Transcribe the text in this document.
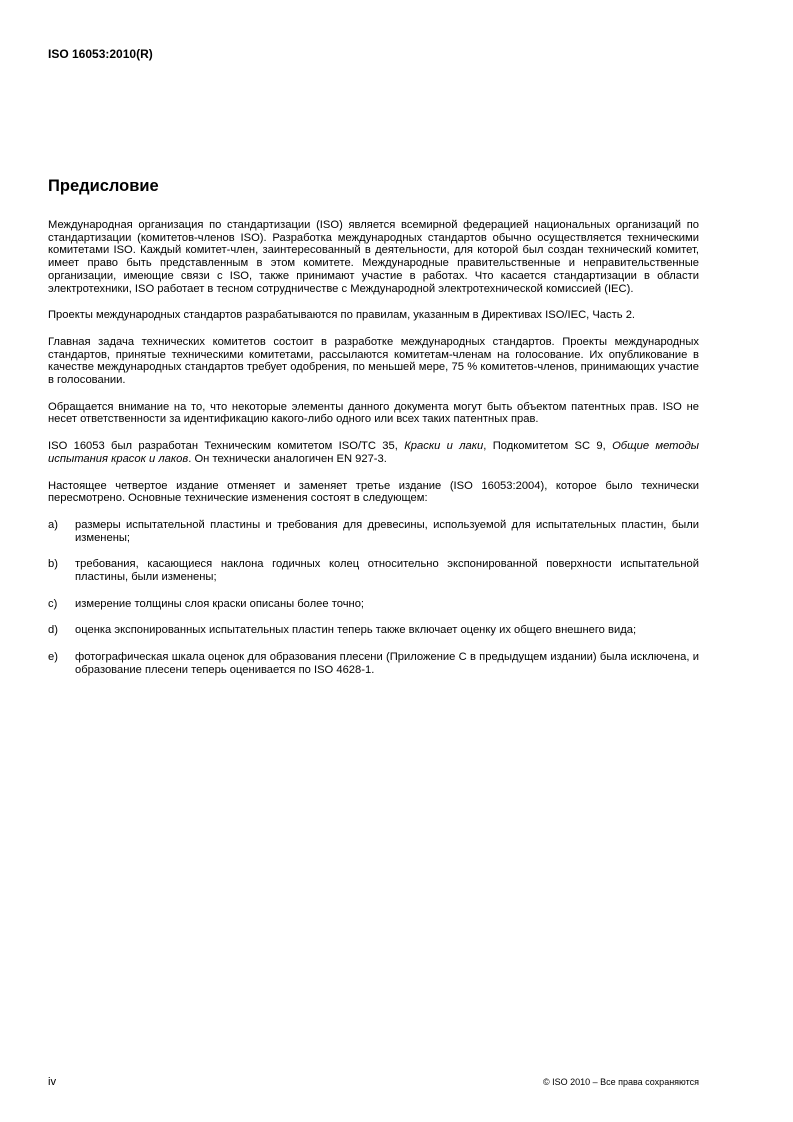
ISO 16053:2010(R)
Предисловие

Международная организация по стандартизации (ISO) является всемирной федерацией национальных организаций по стандартизации (комитетов-членов ISO). Разработка международных стандартов обычно осуществляется техническими комитетами ISO. Каждый комитет-член, заинтересованный в деятельности, для которой был создан технический комитет, имеет право быть представленным в этом комитете. Международные правительственные и неправительственные организации, имеющие связи с ISO, также принимают участие в работах. Что касается стандартизации в области электротехники, ISO работает в тесном сотрудничестве с Международной электротехнической комиссией (IEC).

Проекты международных стандартов разрабатываются по правилам, указанным в Директивах ISO/IEC, Часть 2.

Главная задача технических комитетов состоит в разработке международных стандартов. Проекты международных стандартов, принятые техническими комитетами, рассылаются комитетам-членам на голосование. Их опубликование в качестве международных стандартов требует одобрения, по меньшей мере, 75 % комитетов-членов, принимающих участие в голосовании.

Обращается внимание на то, что некоторые элементы данного документа могут быть объектом патентных прав. ISO не несет ответственности за идентификацию какого-либо одного или всех таких патентных прав.

ISO 16053 был разработан Техническим комитетом ISO/TC 35, Краски и лаки, Подкомитетом SC 9, Общие методы испытания красок и лаков. Он технически аналогичен EN 927-3.

Настоящее четвертое издание отменяет и заменяет третье издание (ISO 16053:2004), которое было технически пересмотрено. Основные технические изменения состоят в следующем:

a)	размеры испытательной пластины и требования для древесины, используемой для испытательных пластин, были изменены;
b)	требования, касающиеся наклона годичных колец относительно экспонированной поверхности испытательной пластины, были изменены;
c)	измерение толщины слоя краски описаны более точно;
d)	оценка экспонированных испытательных пластин теперь также включает оценку их общего внешнего вида;
e)	фотографическая шкала оценок для образования плесени (Приложение С в предыдущем издании) была исключена, и образование плесени теперь оценивается по ISO 4628-1.
iv	© ISO 2010 – Все права сохраняются
